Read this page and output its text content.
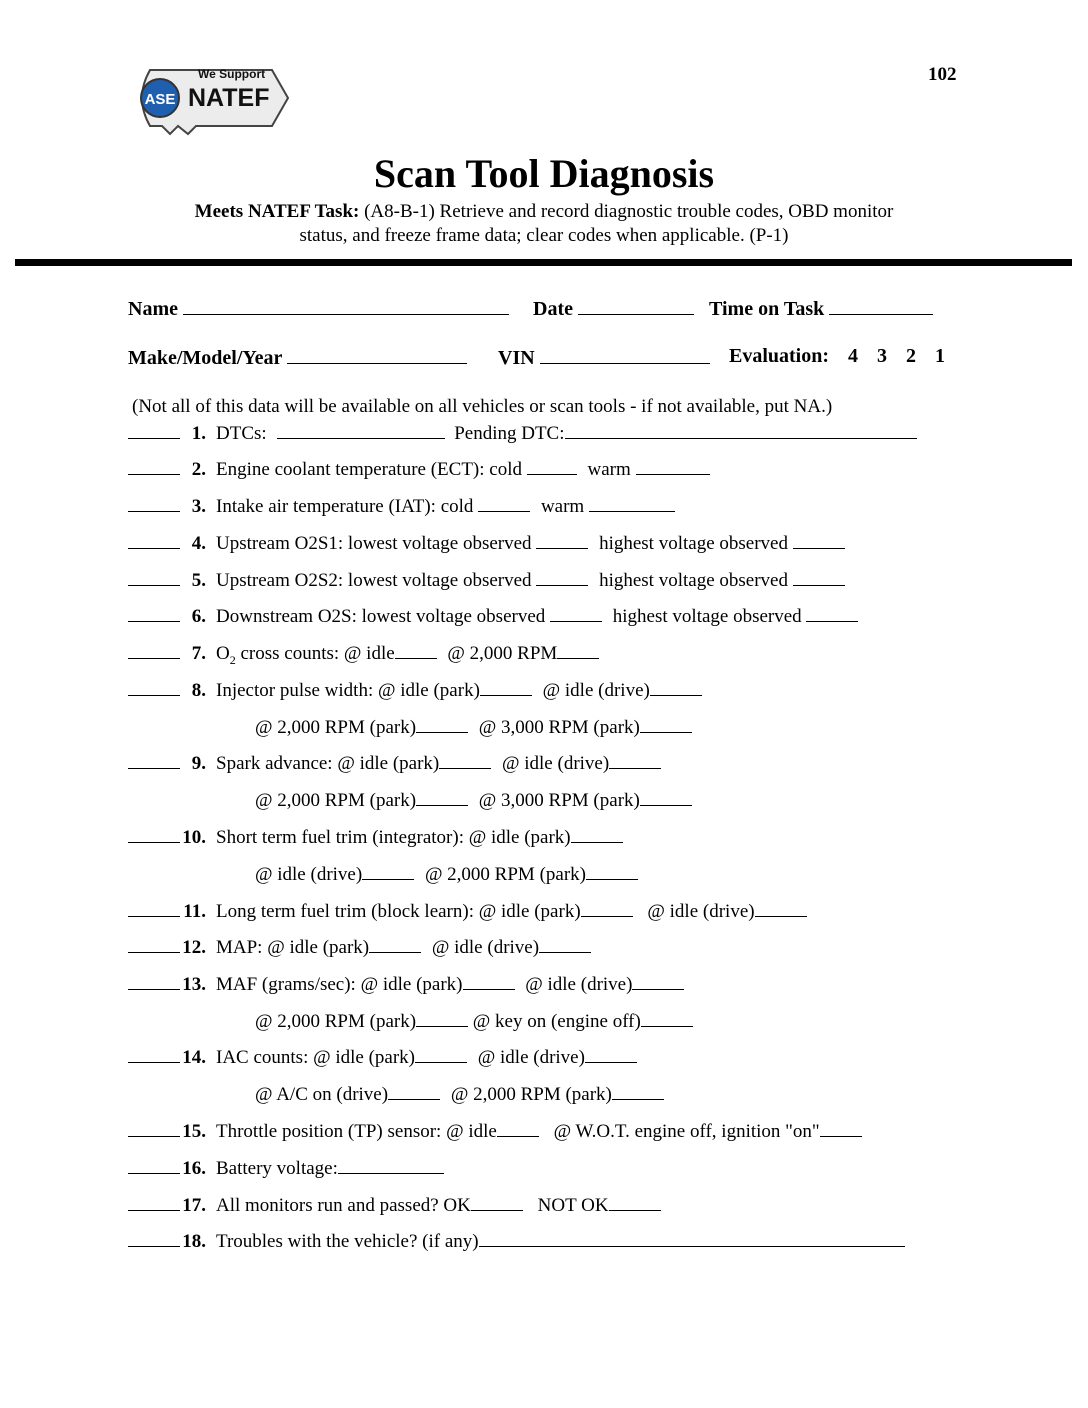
ASE
We Support
NATEF
102
Scan Tool Diagnosis
Meets NATEF Task: (A8-B-1) Retrieve and record diagnostic trouble codes, OBD monitor
status, and freeze frame data; clear codes when applicable. (P-1)
Name	Date	Time on Task
Make/Model/Year	VIN	Evaluation: 4 3 2 1
(Not all of this data will be available on all vehicles or scan tools - if not available, put NA.)
1. DTCs:	Pending DTC:
2. Engine coolant temperature (ECT): cold	warm
3. Intake air temperature (IAT): cold	warm
4. Upstream O2S1: lowest voltage observed	highest voltage observed
5. Upstream O2S2: lowest voltage observed	highest voltage observed
6. Downstream O2S: lowest voltage observed	highest voltage observed
7. $O_2$ cross counts: @ idle	@ 2,000 RPM
8. Injector pulse width: @ idle (park)	@ idle (drive)
@ 2,000 RPM (park)	@ 3,000 RPM (park)
9. Spark advance: @ idle (park)	@ idle (drive)
@ 2,000 RPM (park)	@ 3,000 RPM (park)
10. Short term fuel trim (integrator): @ idle (park)
@ idle (drive)	@ 2,000 RPM (park)
11. Long term fuel trim (block learn): @ idle (park)	@ idle (drive)
12. MAP: @ idle (park)	@ idle (drive)
13. MAF (grams/sec): @ idle (park)	@ idle (drive)
@ 2,000 RPM (park)	@ key on (engine off)
14. IAC counts: @ idle (park)	@ idle (drive)
@ A/C on (drive)	@ 2,000 RPM (park)
15. Throttle position (TP) sensor: @ idle	@ W.O.T. engine off, ignition "on"
16. Battery voltage:
17. All monitors run and passed? OK	NOT OK
18. Troubles with the vehicle? (if any)
